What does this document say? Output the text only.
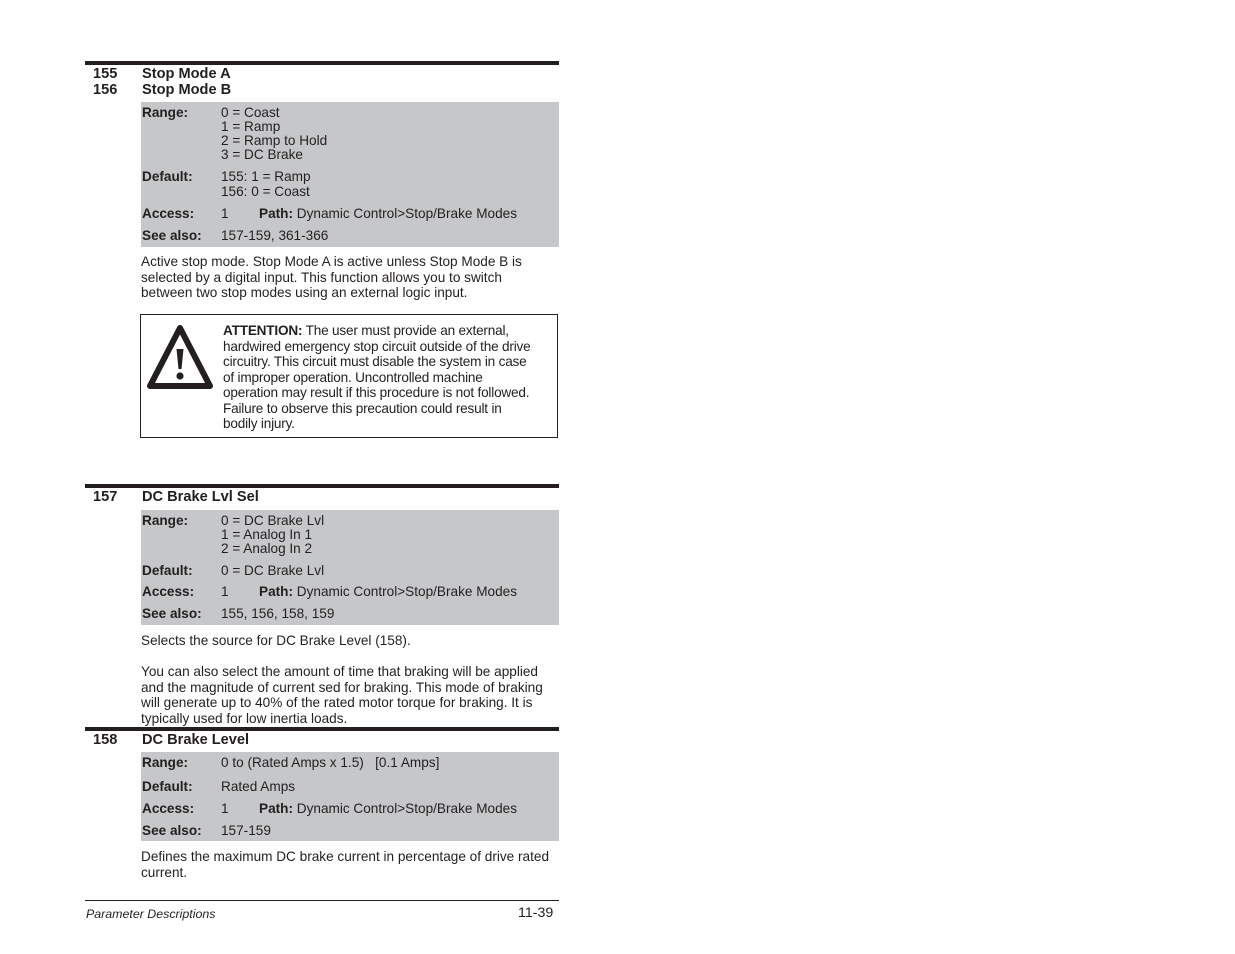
155 Stop Mode A
156 Stop Mode B
Range: 0 = Coast
1 = Ramp
2 = Ramp to Hold
3 = DC Brake
Default: 155: 1 = Ramp
156: 0 = Coast
Access: 1 Path: Dynamic Control>Stop/Brake Modes
See also: 157-159, 361-366
Active stop mode. Stop Mode A is active unless Stop Mode B is
selected by a digital input. This function allows you to switch
between two stop modes using an external logic input.
ATTENTION: The user must provide an external,
hardwired emergency stop circuit outside of the drive
circuitry. This circuit must disable the system in case
of improper operation. Uncontrolled machine
operation may result if this procedure is not followed.
Failure to observe this precaution could result in
bodily injury.
157 DC Brake Lvl Sel
Range: 0 = DC Brake Lvl
1 = Analog In 1
2 = Analog In 2
Default: 0 = DC Brake Lvl
Access: 1 Path: Dynamic Control>Stop/Brake Modes
See also: 155, 156, 158, 159
Selects the source for DC Brake Level (158).
You can also select the amount of time that braking will be applied
and the magnitude of current sed for braking. This mode of braking
will generate up to 40% of the rated motor torque for braking. It is
typically used for low inertia loads.
158 DC Brake Level
Range: 0 to (Rated Amps x 1.5)   [0.1 Amps]
Default: Rated Amps
Access: 1 Path: Dynamic Control>Stop/Brake Modes
See also: 157-159
Defines the maximum DC brake current in percentage of drive rated
current.
Parameter Descriptions	11-39
